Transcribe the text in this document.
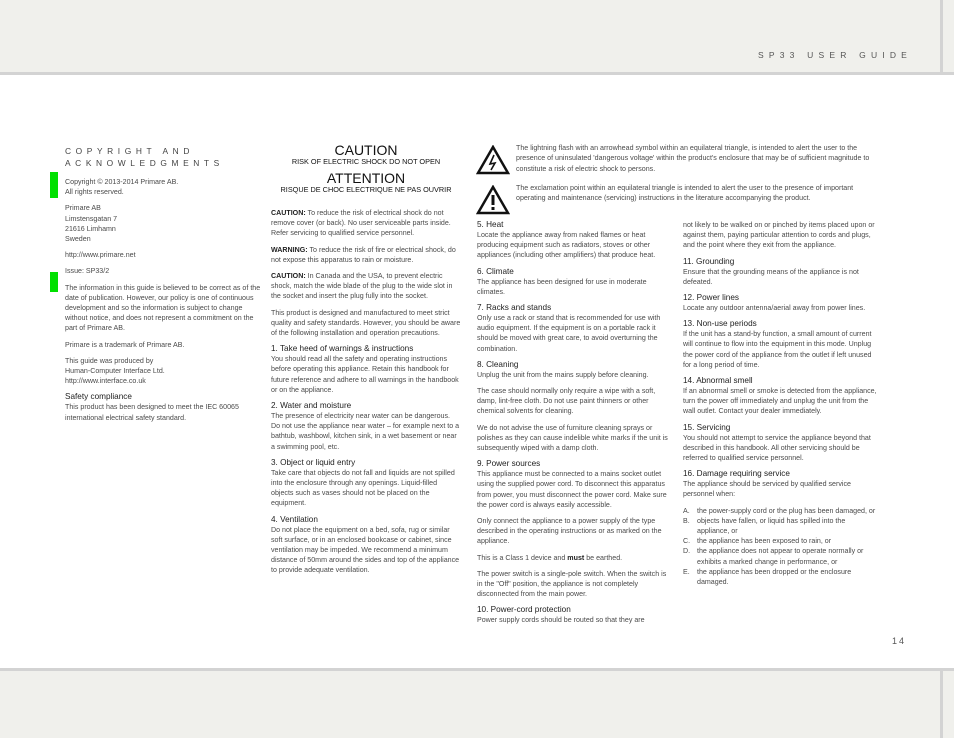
SP33 USER GUIDE
14
COPYRIGHT AND ACKNOWLEDGMENTS

Copyright © 2013-2014 Primare AB.
All rights reserved.

Primare AB
Limstensgatan 7
21616 Limhamn
Sweden

http://www.primare.net

Issue: SP33/2

The information in this guide is believed to be correct as of the date of publication. However, our policy is one of continuous development and so the information is subject to change without notice, and does not represent a commitment on the part of Primare AB.

Primare is a trademark of Primare AB.

This guide was produced by
Human-Computer Interface Ltd.
http://www.interface.co.uk

Safety compliance

This product has been designed to meet the IEC 60065 international electrical safety standard.

CAUTION
RISK OF ELECTRIC SHOCK DO NOT OPEN
ATTENTION
RISQUE DE CHOC ELECTRIQUE NE PAS OUVRIR

CAUTION: To reduce the risk of electrical shock do not remove cover (or back). No user serviceable parts inside. Refer servicing to qualified service personnel.

WARNING: To reduce the risk of fire or electrical shock, do not expose this apparatus to rain or moisture.

CAUTION: In Canada and the USA, to prevent electric shock, match the wide blade of the plug to the wide slot in the socket and insert the plug fully into the socket.

This product is designed and manufactured to meet strict quality and safety standards. However, you should be aware of the following installation and operation precautions.

1. Take heed of warnings & instructions

You should read all the safety and operating instructions before operating this appliance. Retain this handbook for future reference and adhere to all warnings in the handbook or on the appliance.

2. Water and moisture

The presence of electricity near water can be dangerous. Do not use the appliance near water – for example next to a bathtub, washbowl, kitchen sink, in a wet basement or near a swimming pool, etc.

3. Object or liquid entry

Take care that objects do not fall and liquids are not spilled into the enclosure through any openings. Liquid-filled objects such as vases should not be placed on the equipment.

4. Ventilation

Do not place the equipment on a bed, sofa, rug or similar soft surface, or in an enclosed bookcase or cabinet, since ventilation may be impeded. We recommend a minimum distance of 50mm around the sides and top of the appliance to provide adequate ventilation.

The lightning flash with an arrowhead symbol within an equilateral triangle, is intended to alert the user to the presence of uninsulated 'dangerous voltage' within the product's enclosure that may be of sufficient magnitude to constitute a risk of electric shock to persons.
The exclamation point within an equilateral triangle is intended to alert the user to the presence of important operating and maintenance (servicing) instructions in the literature accompanying the product.
5. Heat

Locate the appliance away from naked flames or heat producing equipment such as radiators, stoves or other appliances (including other amplifiers) that produce heat.

6. Climate

The appliance has been designed for use in moderate climates.

7. Racks and stands

Only use a rack or stand that is recommended for use with audio equipment. If the equipment is on a portable rack it should be moved with great care, to avoid overturning the combination.

8. Cleaning

Unplug the unit from the mains supply before cleaning.

The case should normally only require a wipe with a soft, damp, lint-free cloth. Do not use paint thinners or other chemical solvents for cleaning.

We do not advise the use of furniture cleaning sprays or polishes as they can cause indelible white marks if the unit is subsequently wiped with a damp cloth.

9. Power sources

This appliance must be connected to a mains socket outlet using the supplied power cord. To disconnect this apparatus from power, you must disconnect the power cord. Make sure the power cord is always easily accessible.

Only connect the appliance to a power supply of the type described in the operating instructions or as marked on the appliance.

This is a Class 1 device and must be earthed.

The power switch is a single-pole switch. When the switch is in the "Off" position, the appliance is not completely disconnected from the main power.

10. Power-cord protection

Power supply cords should be routed so that they are

not likely to be walked on or pinched by items placed upon or against them, paying particular attention to cords and plugs, and the point where they exit from the appliance.

11. Grounding

Ensure that the grounding means of the appliance is not defeated.

12. Power lines

Locate any outdoor antenna/aerial away from power lines.

13. Non-use periods

If the unit has a stand-by function, a small amount of current will continue to flow into the equipment in this mode. Unplug the power cord of the appliance from the outlet if left unused for a long period of time.

14. Abnormal smell

If an abnormal smell or smoke is detected from the appliance, turn the power off immediately and unplug the unit from the wall outlet. Contact your dealer immediately.

15. Servicing

You should not attempt to service the appliance beyond that described in this handbook. All other servicing should be referred to qualified service personnel.

16. Damage requiring service

The appliance should be serviced by qualified service personnel when:

A.	the power-supply cord or the plug has been damaged, or
B.	objects have fallen, or liquid has spilled into the appliance, or
C. the appliance has been exposed to rain, or
D. the appliance does not appear to operate normally or exhibits a marked change in performance, or
E.	the appliance has been dropped or the enclosure damaged.
